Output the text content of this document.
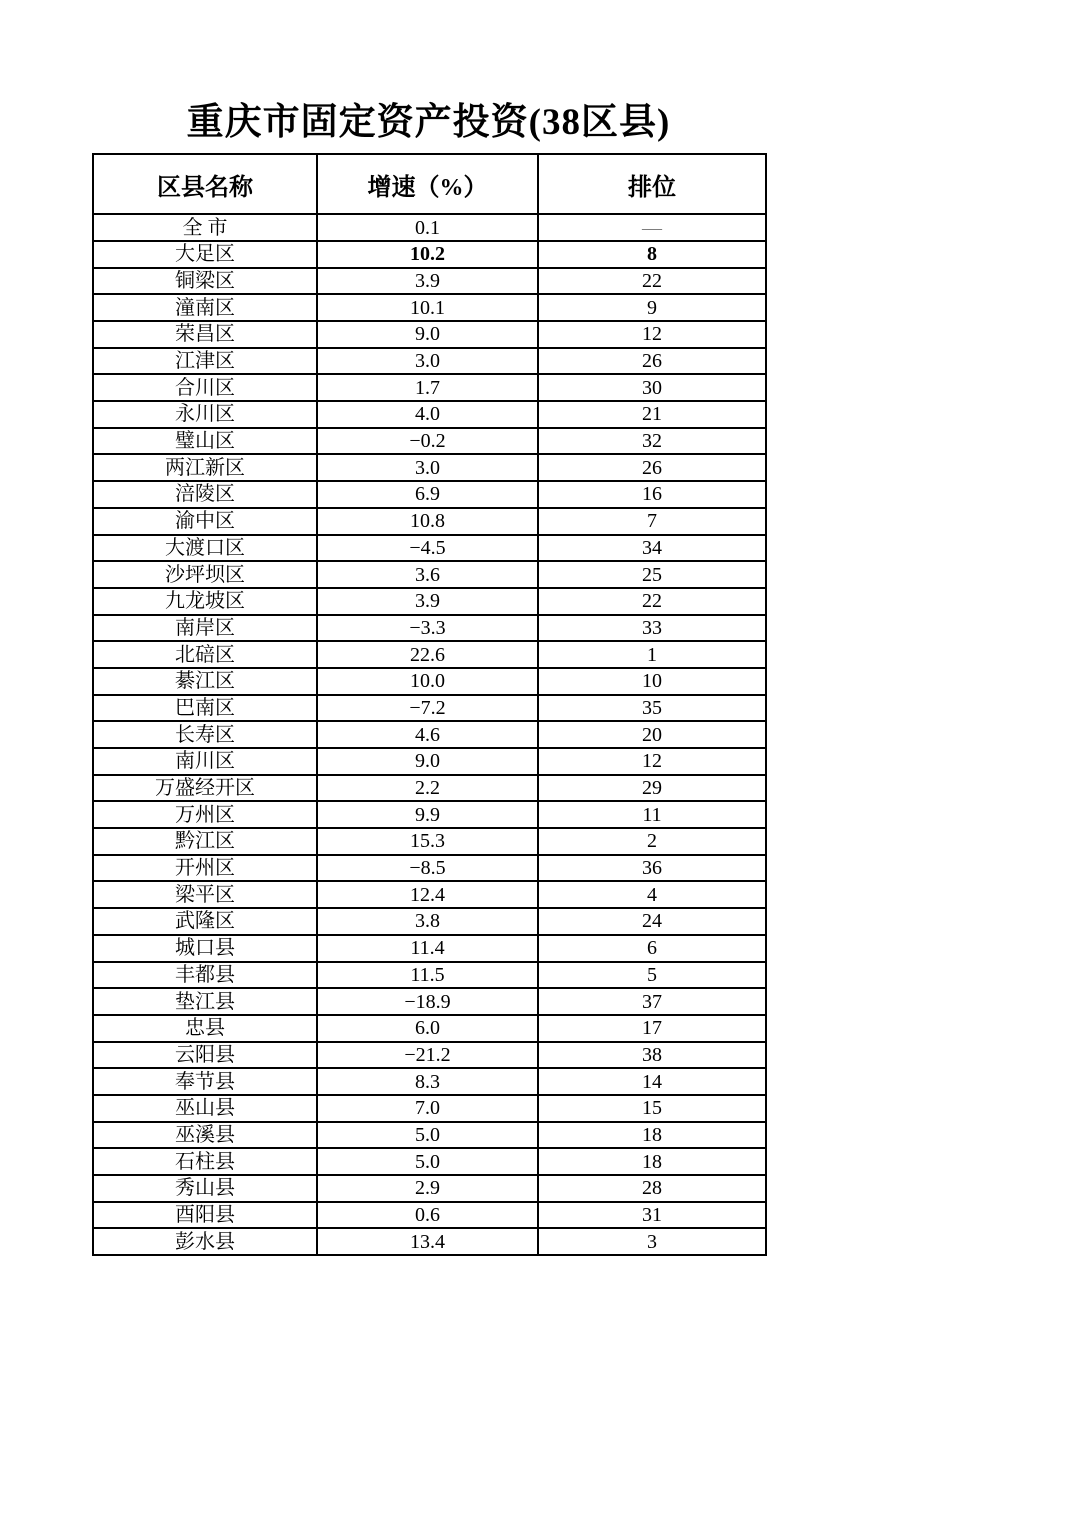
重庆市固定资产投资(38区县)
区县名称	增速（%）	排位
全 市	0.1	—
大足区	10.2	8
铜梁区	3.9	22
潼南区	10.1	9
荣昌区	9.0	12
江津区	3.0	26
合川区	1.7	30
永川区	4.0	21
璧山区	−0.2	32
两江新区	3.0	26
涪陵区	6.9	16
渝中区	10.8	7
大渡口区	−4.5	34
沙坪坝区	3.6	25
九龙坡区	3.9	22
南岸区	−3.3	33
北碚区	22.6	1
綦江区	10.0	10
巴南区	−7.2	35
长寿区	4.6	20
南川区	9.0	12
万盛经开区	2.2	29
万州区	9.9	11
黔江区	15.3	2
开州区	−8.5	36
梁平区	12.4	4
武隆区	3.8	24
城口县	11.4	6
丰都县	11.5	5
垫江县	−18.9	37
忠县	6.0	17
云阳县	−21.2	38
奉节县	8.3	14
巫山县	7.0	15
巫溪县	5.0	18
石柱县	5.0	18
秀山县	2.9	28
酉阳县	0.6	31
彭水县	13.4	3
